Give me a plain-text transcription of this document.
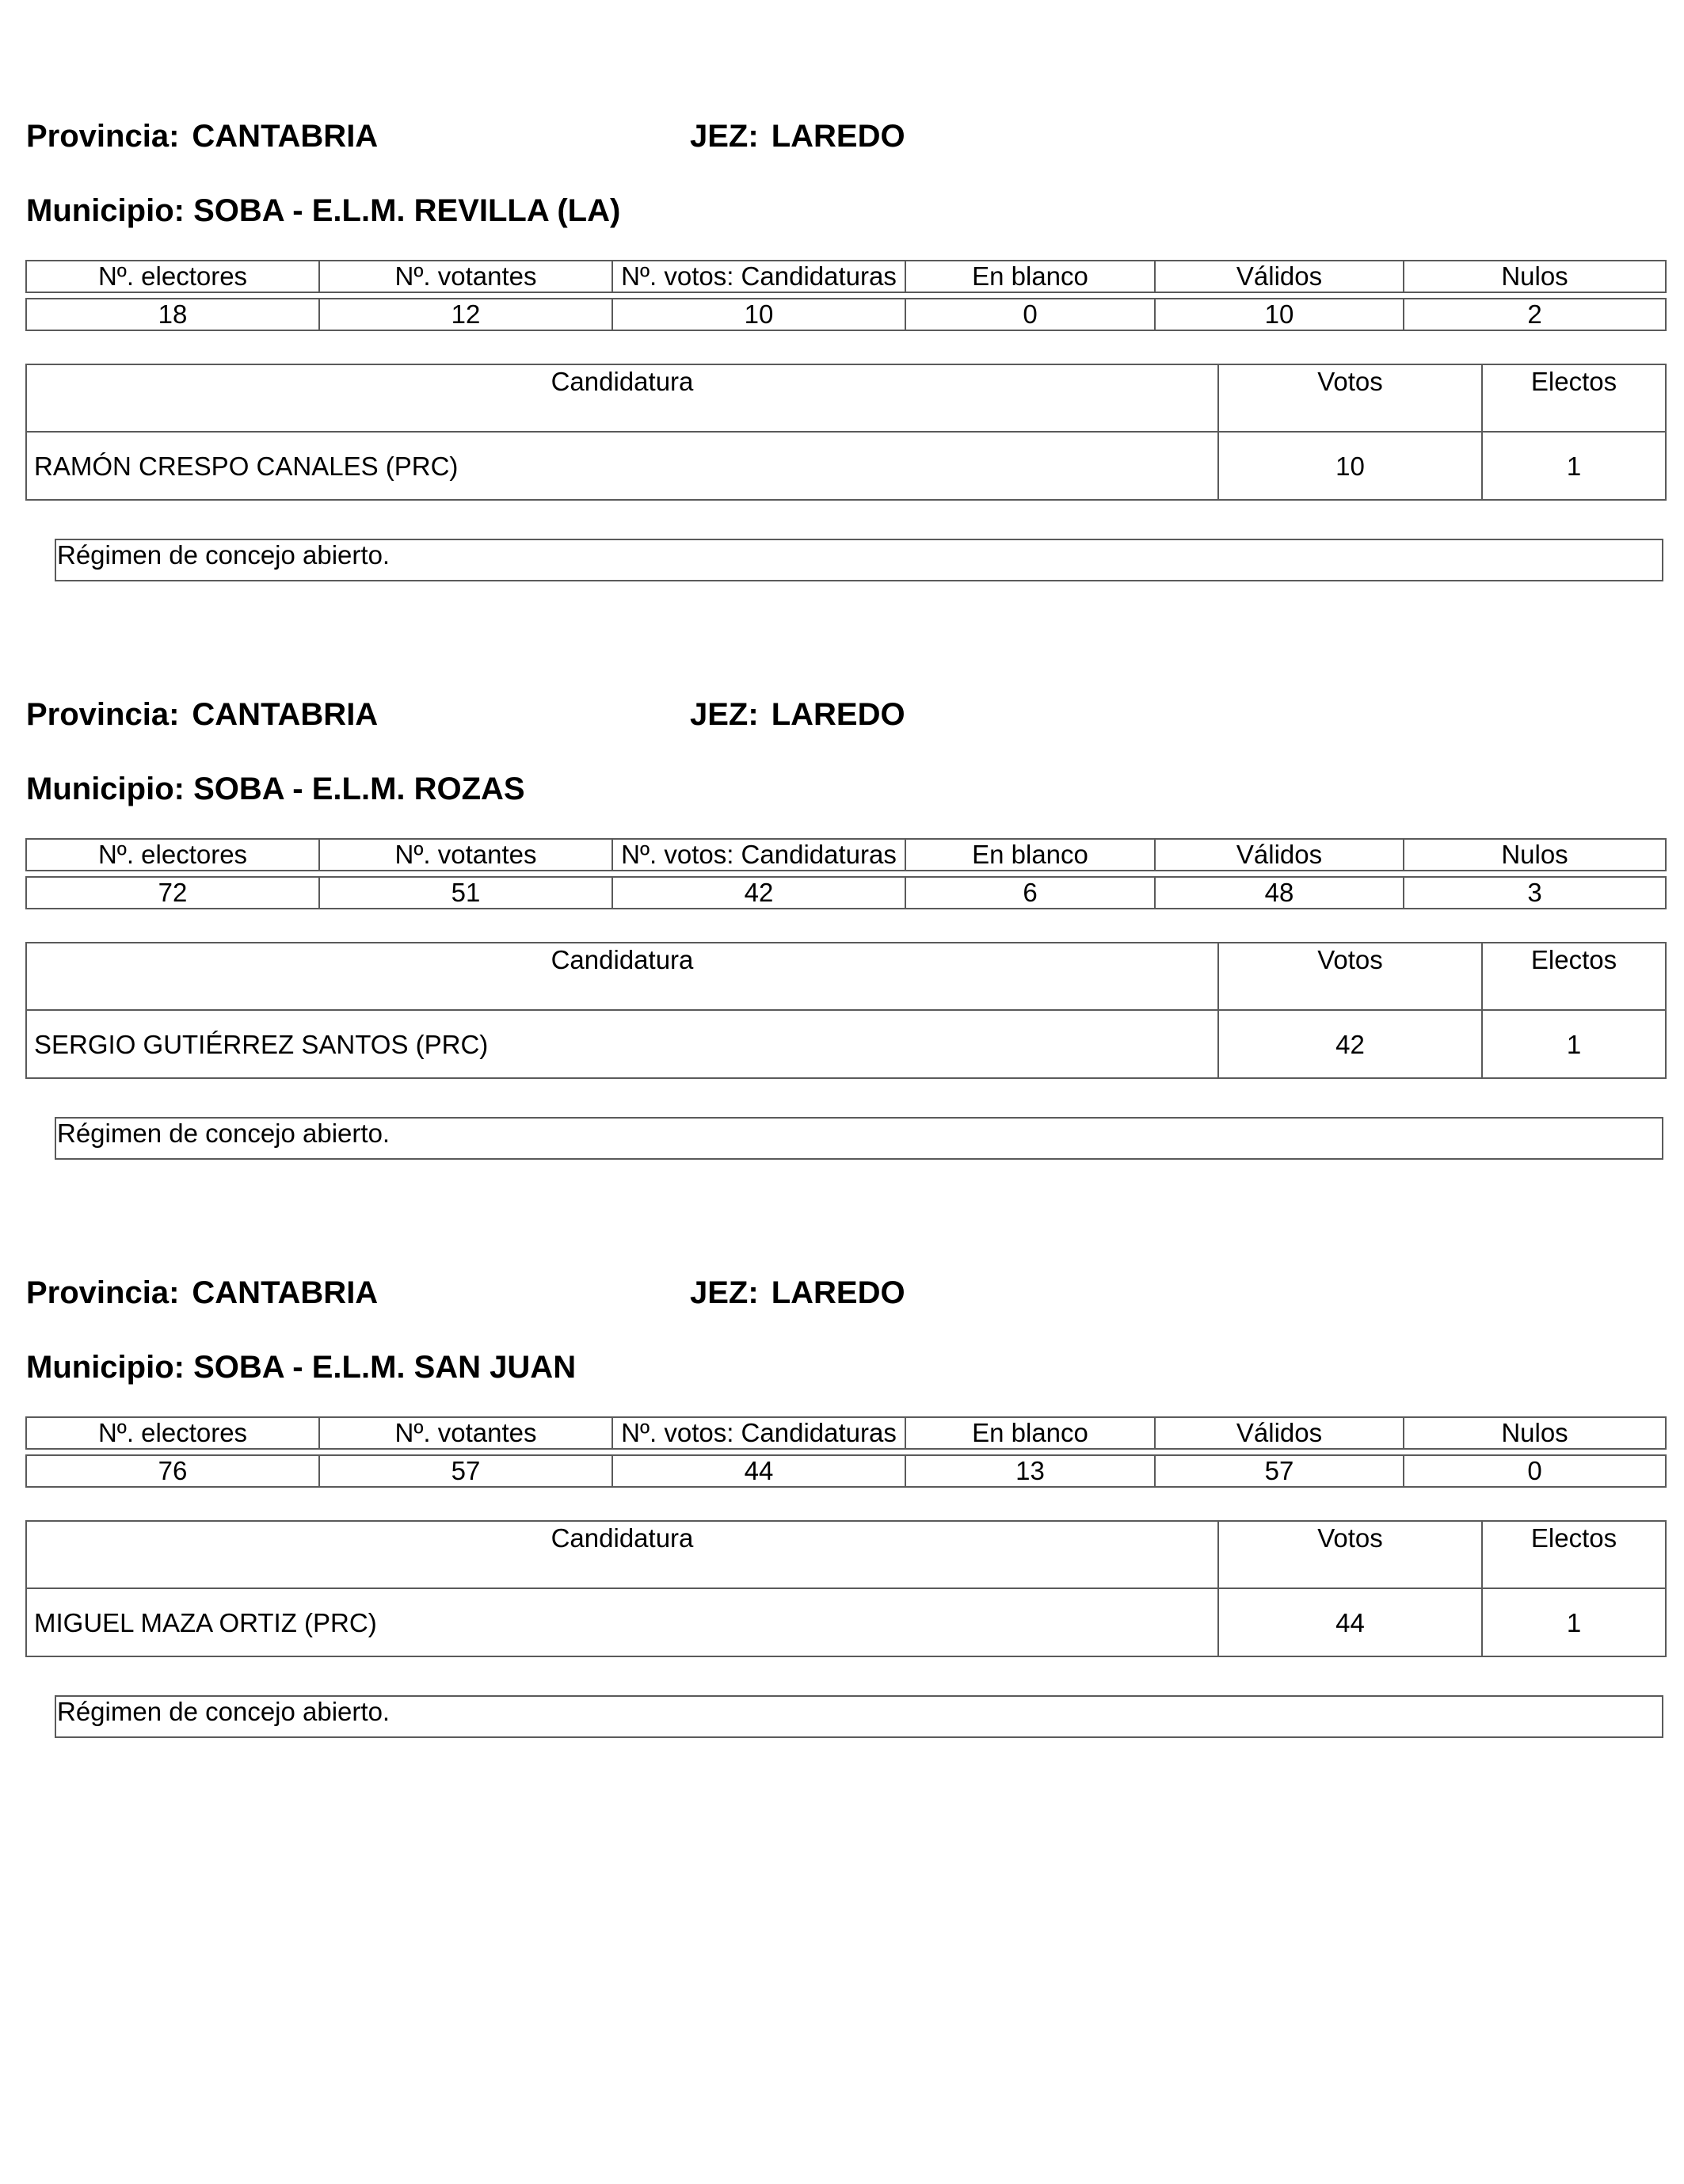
Provincia: CANTABRIA	JEZ: LAREDO
Municipio: SOBA - E.L.M. REVILLA (LA)
Nº. electores	Nº. votantes	Nº. votos: Candidaturas	En blanco	Válidos	Nulos

18	12	10	0	10	2
Candidatura	Votos	Electos
RAMÓN CRESPO CANALES (PRC)	10	1
Régimen de concejo abierto.
Provincia: CANTABRIA	JEZ: LAREDO
Municipio: SOBA - E.L.M. ROZAS
Nº. electores	Nº. votantes	Nº. votos: Candidaturas	En blanco	Válidos	Nulos

72	51	42	6	48	3
Candidatura	Votos	Electos
SERGIO GUTIÉRREZ SANTOS (PRC)	42	1
Régimen de concejo abierto.
Provincia: CANTABRIA	JEZ: LAREDO
Municipio: SOBA - E.L.M. SAN JUAN
Nº. electores	Nº. votantes	Nº. votos: Candidaturas	En blanco	Válidos	Nulos

76	57	44	13	57	0
Candidatura	Votos	Electos
MIGUEL MAZA ORTIZ (PRC)	44	1
Régimen de concejo abierto.
